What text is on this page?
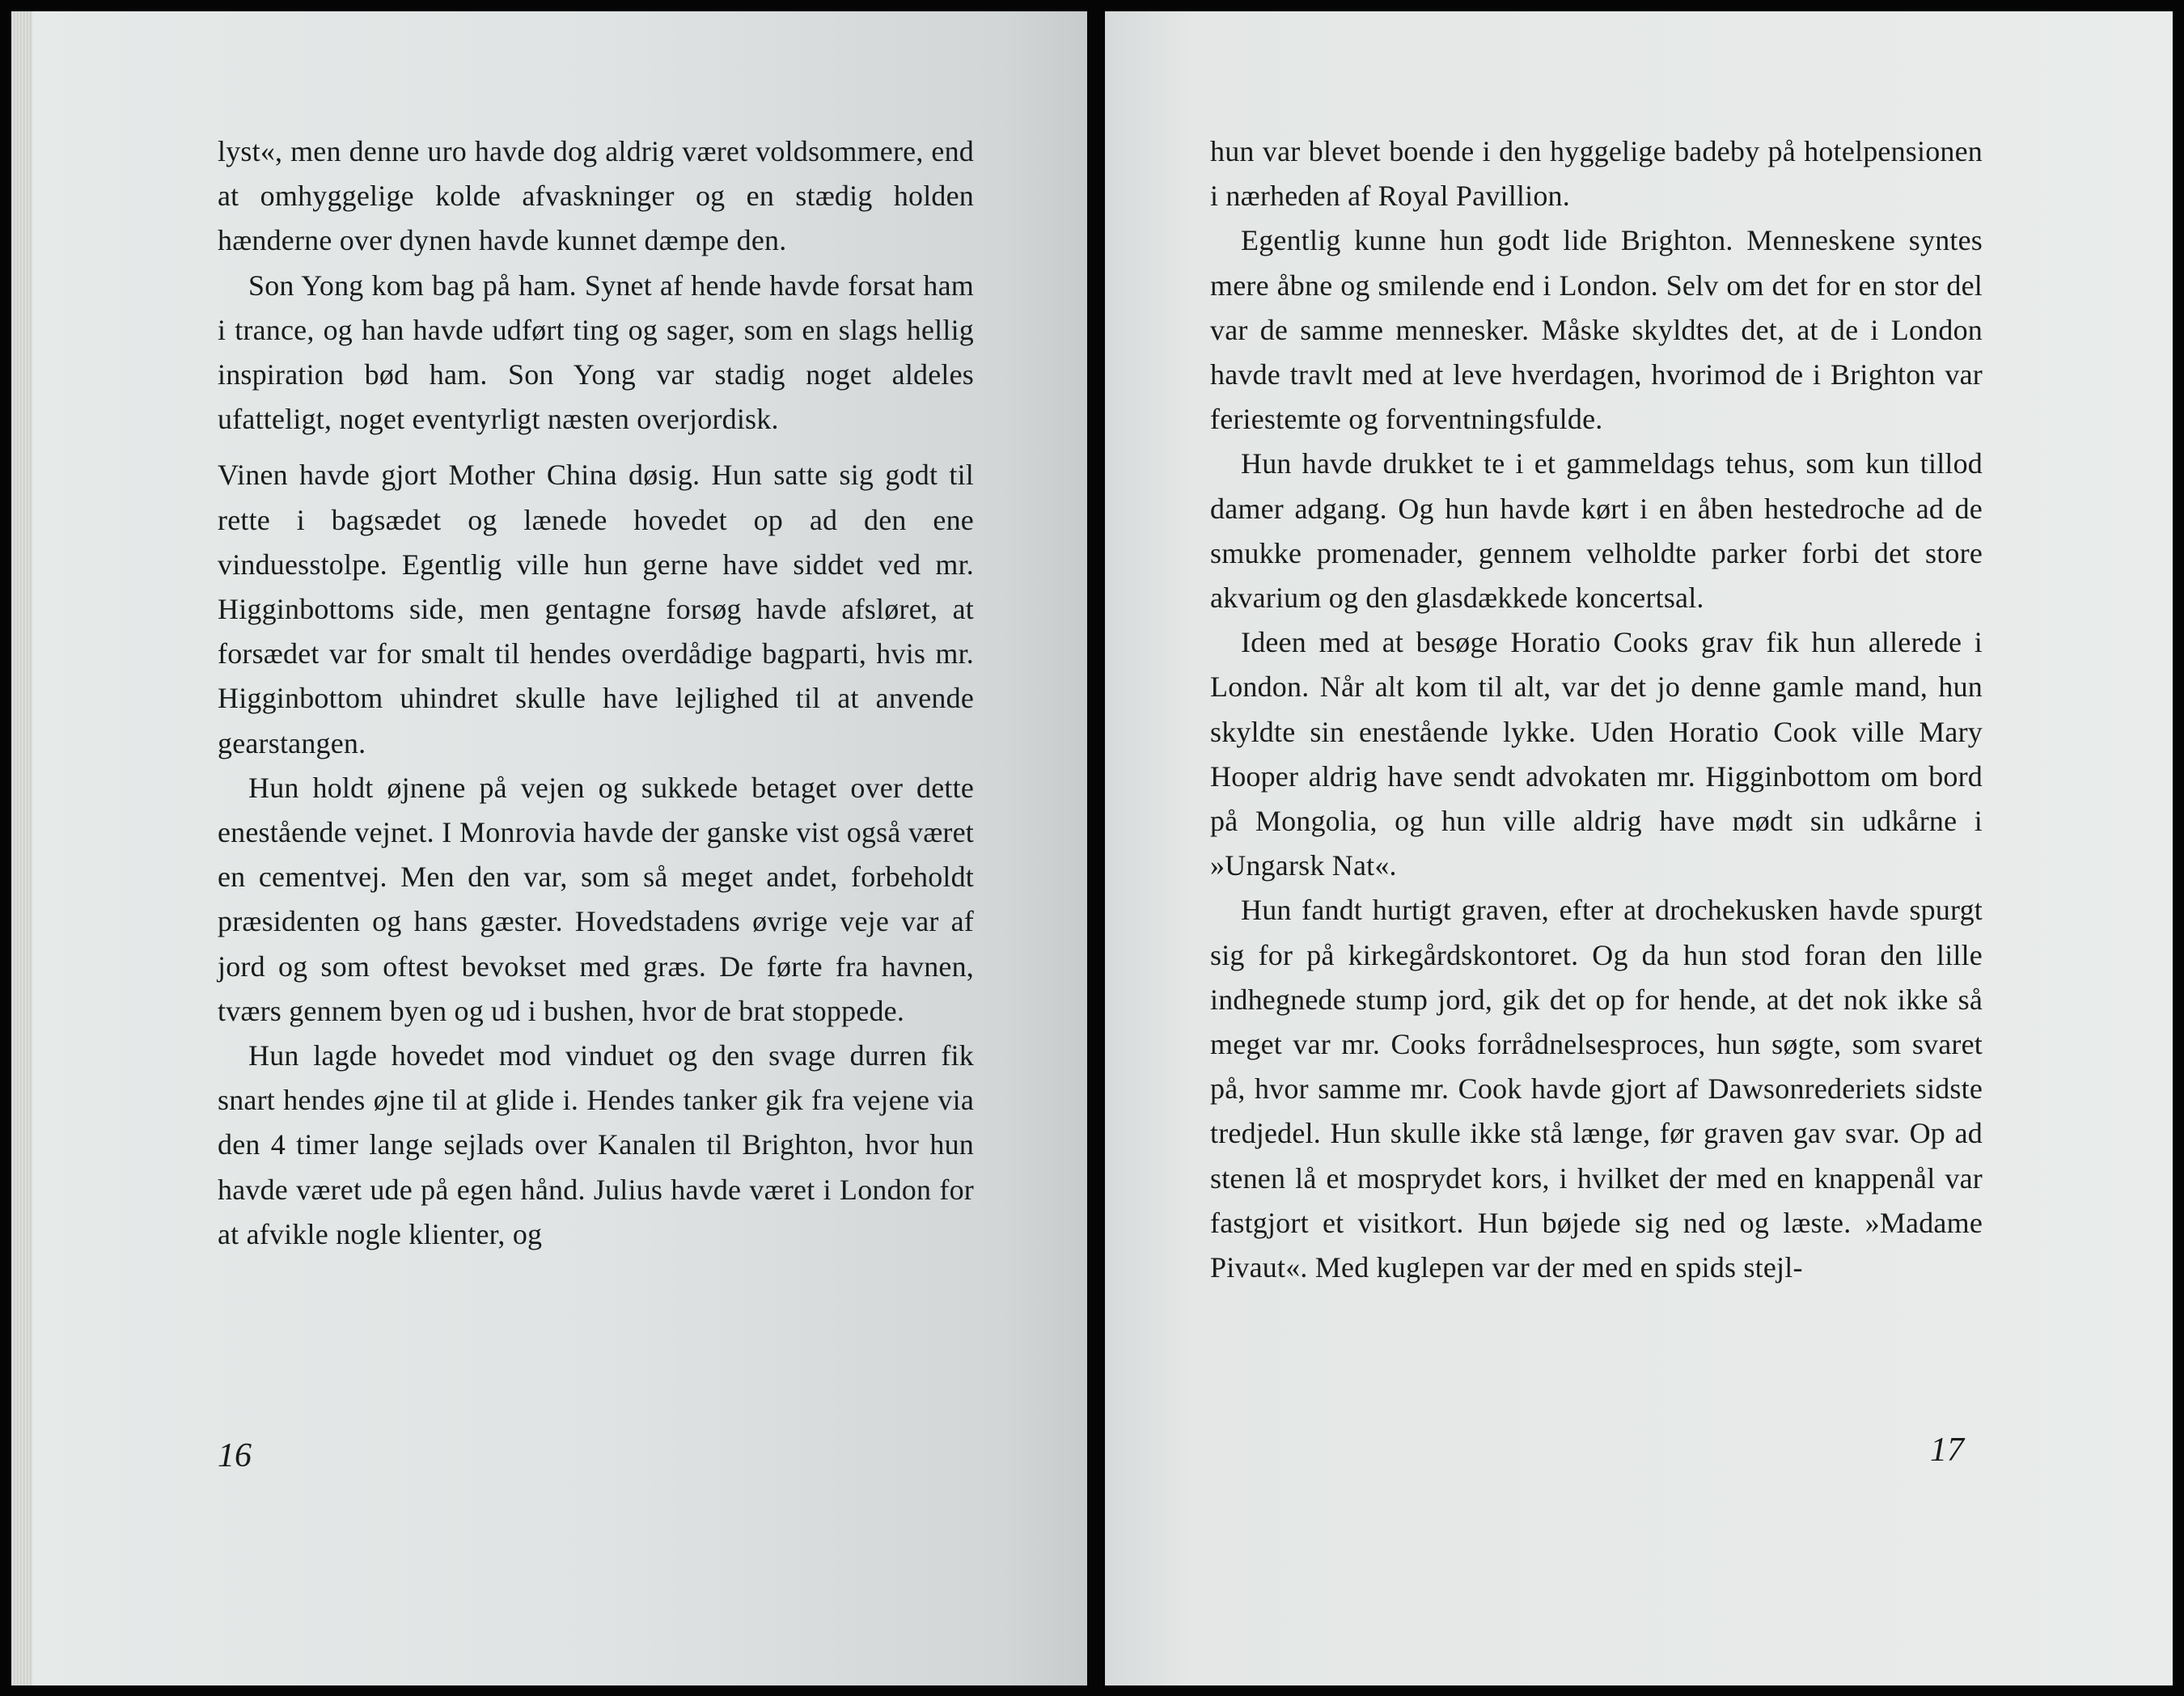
lyst«, men denne uro havde dog aldrig været voldsommere, end at omhyggelige kolde afvaskninger og en stædig holden hænderne over dynen havde kunnet dæmpe den.

Son Yong kom bag på ham. Synet af hende havde forsat ham i trance, og han havde udført ting og sager, som en slags hellig inspiration bød ham. Son Yong var stadig noget aldeles ufatteligt, noget eventyrligt næsten overjordisk.

Vinen havde gjort Mother China døsig. Hun satte sig godt til rette i bagsædet og lænede hovedet op ad den ene vinduesstolpe. Egentlig ville hun gerne have siddet ved mr. Higginbottoms side, men gentagne forsøg havde afsløret, at forsædet var for smalt til hendes overdådige bagparti, hvis mr. Higginbottom uhindret skulle have lejlighed til at anvende gearstangen.

Hun holdt øjnene på vejen og sukkede betaget over dette enestående vejnet. I Monrovia havde der ganske vist også været en cementvej. Men den var, som så meget andet, forbeholdt præsidenten og hans gæster. Hovedstadens øvrige veje var af jord og som oftest bevokset med græs. De førte fra havnen, tværs gennem byen og ud i bushen, hvor de brat stoppede.

Hun lagde hovedet mod vinduet og den svage durren fik snart hendes øjne til at glide i. Hendes tanker gik fra vejene via den 4 timer lange sejlads over Kanalen til Brighton, hvor hun havde været ude på egen hånd. Julius havde været i London for at afvikle nogle klienter, og

16

hun var blevet boende i den hyggelige badeby på hotelpensionen i nærheden af Royal Pavillion.

Egentlig kunne hun godt lide Brighton. Menneskene syntes mere åbne og smilende end i London. Selv om det for en stor del var de samme mennesker. Måske skyldtes det, at de i London havde travlt med at leve hverdagen, hvorimod de i Brighton var feriestemte og forventningsfulde.

Hun havde drukket te i et gammeldags tehus, som kun tillod damer adgang. Og hun havde kørt i en åben hestedroche ad de smukke promenader, gennem velholdte parker forbi det store akvarium og den glasdækkede koncertsal.

Ideen med at besøge Horatio Cooks grav fik hun allerede i London. Når alt kom til alt, var det jo denne gamle mand, hun skyldte sin enestående lykke. Uden Horatio Cook ville Mary Hooper aldrig have sendt advokaten mr. Higginbottom om bord på Mongolia, og hun ville aldrig have mødt sin udkårne i »Ungarsk Nat«.

Hun fandt hurtigt graven, efter at drochekusken havde spurgt sig for på kirkegårdskontoret. Og da hun stod foran den lille indhegnede stump jord, gik det op for hende, at det nok ikke så meget var mr. Cooks forrådnelsesproces, hun søgte, som svaret på, hvor samme mr. Cook havde gjort af Dawsonrederiets sidste tredjedel. Hun skulle ikke stå længe, før graven gav svar. Op ad stenen lå et mosprydet kors, i hvilket der med en knappenål var fastgjort et visitkort. Hun bøjede sig ned og læste. »Madame Pivaut«. Med kuglepen var der med en spids stejl-

17
